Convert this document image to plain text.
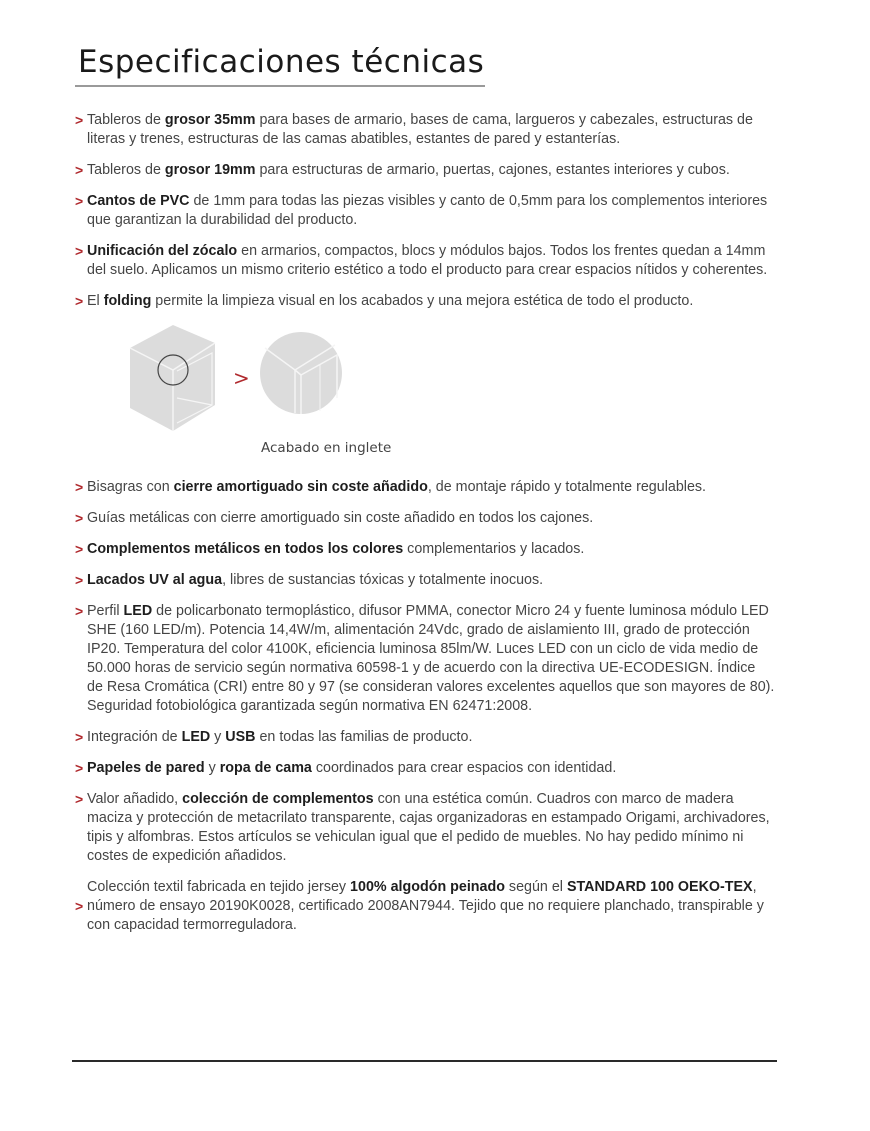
Especificaciones técnicas
> Tableros de grosor 35mm para bases de armario, bases de cama, largueros y cabezales, estructuras de literas y trenes, estructuras de las camas abatibles, estantes de pared y estanterías.
> Tableros de grosor 19mm para estructuras de armario, puertas, cajones, estantes interiores y cubos.
> Cantos de PVC de 1mm para todas las piezas visibles y canto de 0,5mm para los complementos interiores que garantizan la durabilidad del producto.
> Unificación del zócalo en armarios, compactos, blocs y módulos bajos. Todos los frentes quedan a 14mm del suelo. Aplicamos un mismo criterio estético a todo el producto para crear espacios nítidos y coherentes.
> El folding permite la limpieza visual en los acabados y una mejora estética de todo el producto.
>
Acabado en inglete
> Bisagras con cierre amortiguado sin coste añadido, de montaje rápido y totalmente regulables.
> Guías metálicas con cierre amortiguado sin coste añadido en todos los cajones.
> Complementos metálicos en todos los colores complementarios y lacados.
> Lacados UV al agua, libres de sustancias tóxicas y totalmente inocuos.
> Perfil LED de policarbonato termoplástico, difusor PMMA, conector Micro 24 y fuente luminosa módulo LED SHE (160 LED/m). Potencia 14,4W/m, alimentación 24Vdc, grado de aislamiento III, grado de protección IP20. Temperatura del color 4100K, eficiencia luminosa 85lm/W. Luces LED con un ciclo de vida medio de 50.000 horas de servicio según normativa 60598-1 y de acuerdo con la directiva UE-ECODESIGN. Índice de Resa Cromática (CRI) entre 80 y 97 (se consideran valores excelentes aquellos que son mayores de 80). Seguridad fotobiológica garantizada según normativa EN 62471:2008.
> Integración de LED y USB en todas las familias de producto.
> Papeles de pared y ropa de cama coordinados para crear espacios con identidad.
> Valor añadido, colección de complementos con una estética común. Cuadros con marco de madera maciza y protección de metacrilato transparente, cajas organizadoras en estampado Origami, archivadores, tipis y alfombras. Estos artículos se vehiculan igual que el pedido de muebles. No hay pedido mínimo ni costes de expedición añadidos.
>
Colección textil fabricada en tejido jersey 100% algodón peinado según el STANDARD 100 OEKO-TEX, número de ensayo 20190K0028, certificado 2008AN7944. Tejido que no requiere planchado, transpirable y con capacidad termorreguladora.
